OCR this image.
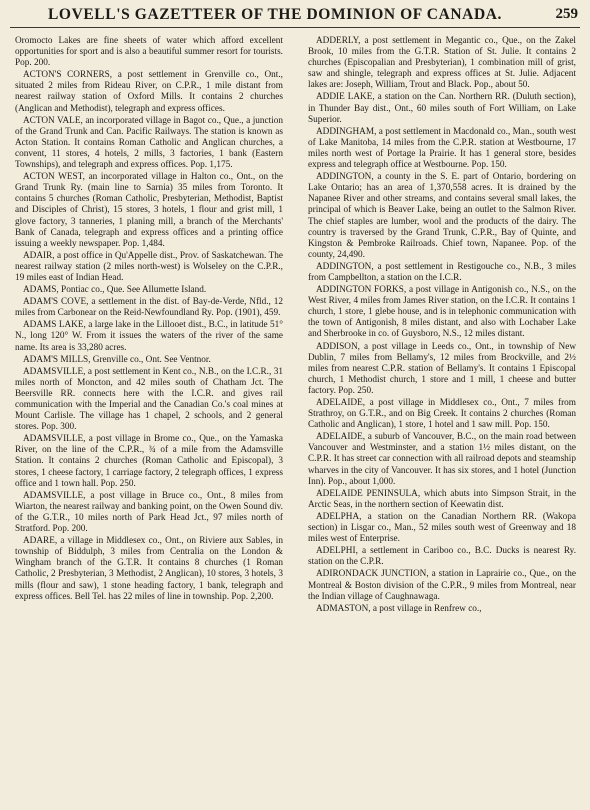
LOVELL'S GAZETTEER OF THE DOMINION OF CANADA.	259

Oromocto Lakes are fine sheets of water which afford excellent opportunities for sport and is also a beautiful summer resort for tourists. Pop. 200.

ACTON'S CORNERS, a post settlement in Grenville co., Ont., situated 2 miles from Rideau River, on C.P.R., 1 mile distant from nearest railway station of Oxford Mills. It contains 2 churches (Anglican and Methodist), telegraph and express offices.

ACTON VALE, an incorporated village in Bagot co., Que., a junction of the Grand Trunk and Can. Pacific Railways. The station is known as Acton Station. It contains Roman Catholic and Anglican churches, a convent, 11 stores, 4 hotels, 2 mills, 3 factories, 1 bank (Eastern Townships), and telegraph and express offices. Pop. 1,175.

ACTON WEST, an incorporated village in Halton co., Ont., on the Grand Trunk Ry. (main line to Sarnia) 35 miles from Toronto. It contains 5 churches (Roman Catholic, Presbyterian, Methodist, Baptist and Disciples of Christ), 15 stores, 3 hotels, 1 flour and grist mill, 1 glove factory, 3 tanneries, 1 planing mill, a branch of the Merchants' Bank of Canada, telegraph and express offices and a printing office issuing a weekly newspaper. Pop. 1,484.

ADAIR, a post office in Qu'Appelle dist., Prov. of Saskatchewan. The nearest railway station (2 miles north-west) is Wolseley on the C.P.R., 19 miles east of Indian Head.

ADAMS, Pontiac co., Que. See Allumette Island.

ADAM'S COVE, a settlement in the dist. of Bay-de-Verde, Nfld., 12 miles from Carbonear on the Reid-Newfoundland Ry. Pop. (1901), 459.

ADAMS LAKE, a large lake in the Lillooet dist., B.C., in latitude 51° N., long 120° W. From it issues the waters of the river of the same name. Its area is 33,280 acres.

ADAM'S MILLS, Grenville co., Ont. See Ventnor.

ADAMSVILLE, a post settlement in Kent co., N.B., on the I.C.R., 31 miles north of Moncton, and 42 miles south of Chatham Jct. The Beersville RR. connects here with the I.C.R. and gives rail communication with the Imperial and the Canadian Co.'s coal mines at Mount Carlisle. The village has 1 chapel, 2 schools, and 2 general stores. Pop. 300.

ADAMSVILLE, a post village in Brome co., Que., on the Yamaska River, on the line of the C.P.R., ¾ of a mile from the Adamsville Station. It contains 2 churches (Roman Catholic and Episcopal), 3 stores, 1 cheese factory, 1 carriage factory, 2 telegraph offices, 1 express office and 1 town hall. Pop. 250.

ADAMSVILLE, a post village in Bruce co., Ont., 8 miles from Wiarton, the nearest railway and banking point, on the Owen Sound div. of the G.T.R., 10 miles north of Park Head Jct., 97 miles north of Stratford. Pop. 200.

ADARE, a village in Middlesex co., Ont., on Riviere aux Sables, in township of Biddulph, 3 miles from Centralia on the London & Wingham branch of the G.T.R. It contains 8 churches (1 Roman Catholic, 2 Presbyterian, 3 Methodist, 2 Anglican), 10 stores, 3 hotels, 3 mills (flour and saw), 1 stone heading factory, 1 bank, telegraph and express offices. Bell Tel. has 22 miles of line in township. Pop. 2,200.

ADDERLY, a post settlement in Megantic co., Que., on the Zakel Brook, 10 miles from the G.T.R. Station of St. Julie. It contains 2 churches (Episcopalian and Presbyterian), 1 combination mill of grist, saw and shingle, telegraph and express offices at St. Julie. Adjacent lakes are: Joseph, William, Trout and Black. Pop., about 50.

ADDIE LAKE, a station on the Can. Northern RR. (Duluth section), in Thunder Bay dist., Ont., 60 miles south of Fort William, on Lake Superior.

ADDINGHAM, a post settlement in Macdonald co., Man., south west of Lake Manitoba, 14 miles from the C.P.R. station at Westbourne, 17 miles north west of Portage la Prairie. It has 1 general store, besides express and telegraph office at Westbourne. Pop. 150.

ADDINGTON, a county in the S. E. part of Ontario, bordering on Lake Ontario; has an area of 1,370,558 acres. It is drained by the Napanee River and other streams, and contains several small lakes, the principal of which is Beaver Lake, being an outlet to the Salmon River. The chief staples are lumber, wool and the products of the dairy. The country is traversed by the Grand Trunk, C.P.R., Bay of Quinte, and Kingston & Pembroke Railroads. Chief town, Napanee. Pop. of the county, 24,490.

ADDINGTON, a post settlement in Restigouche co., N.B., 3 miles from Campbellton, a station on the I.C.R.

ADDINGTON FORKS, a post village in Antigonish co., N.S., on the West River, 4 miles from James River station, on the I.C.R. It contains 1 church, 1 store, 1 glebe house, and is in telephonic communication with the town of Antigonish, 8 miles distant, and also with Lochaber Lake and Sherbrooke in co. of Guysboro, N.S., 12 miles distant.

ADDISON, a post village in Leeds co., Ont., in township of New Dublin, 7 miles from Bellamy's, 12 miles from Brockville, and 2½ miles from nearest C.P.R. station of Bellamy's. It contains 1 Episcopal church, 1 Methodist church, 1 store and 1 mill, 1 cheese and butter factory. Pop. 250.

ADELAIDE, a post village in Middlesex co., Ont., 7 miles from Strathroy, on G.T.R., and on Big Creek. It contains 2 churches (Roman Catholic and Anglican), 1 store, 1 hotel and 1 saw mill. Pop. 150.

ADELAIDE, a suburb of Vancouver, B.C., on the main road between Vancouver and Westminster, and a station 1½ miles distant, on the C.P.R. It has street car connection with all railroad depots and steamship wharves in the city of Vancouver. It has six stores, and 1 hotel (Junction Inn). Pop., about 1,000.

ADELAIDE PENINSULA, which abuts into Simpson Strait, in the Arctic Seas, in the northern section of Keewatin dist.

ADELPHA, a station on the Canadian Northern RR. (Wakopa section) in Lisgar co., Man., 52 miles south west of Greenway and 18 miles west of Enterprise.

ADELPHI, a settlement in Cariboo co., B.C. Ducks is nearest Ry. station on the C.P.R.

ADIRONDACK JUNCTION, a station in Laprairie co., Que., on the Montreal & Boston division of the C.P.R., 9 miles from Montreal, near the Indian village of Caughnawaga.

ADMASTON, a post village in Renfrew co.,
